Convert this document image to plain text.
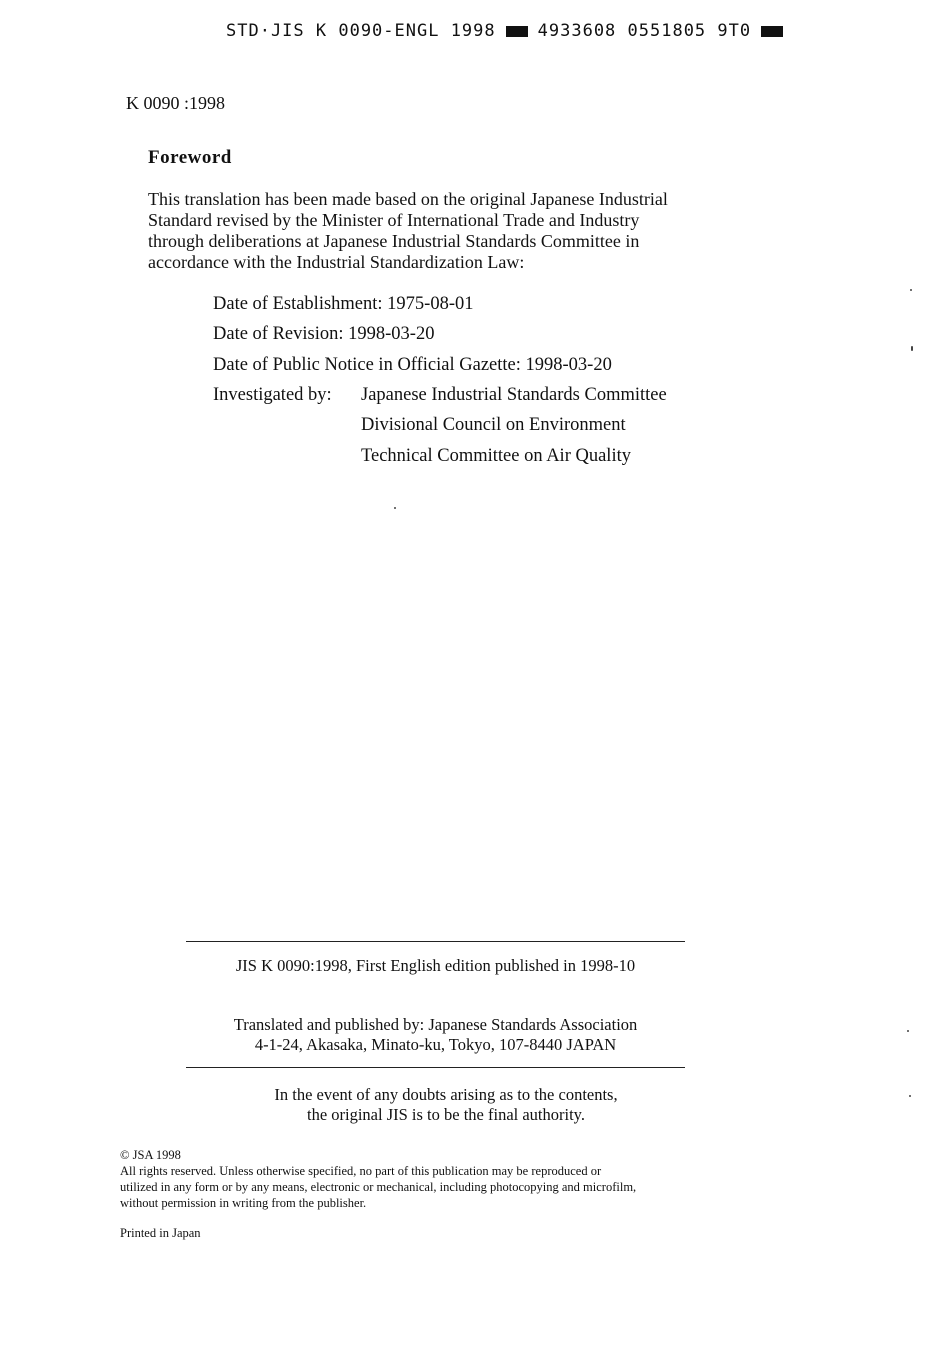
STD·JIS K 0090-ENGL 1998 4933608 0551805 9T0
K 0090 :1998
Foreword
This translation has been made based on the original Japanese Industrial
Standard revised by the Minister of International Trade and Industry
through deliberations at Japanese Industrial Standards Committee in
accordance with the Industrial Standardization Law:
Date of Establishment: 1975-08-01
Date of Revision: 1998-03-20
Date of Public Notice in Official Gazette: 1998-03-20
Investigated by: Japanese Industrial Standards Committee
Divisional Council on Environment
Technical Committee on Air Quality
JIS K 0090:1998, First English edition published in 1998-10
Translated and published by: Japanese Standards Association
4-1-24, Akasaka, Minato-ku, Tokyo, 107-8440 JAPAN
In the event of any doubts arising as to the contents,
the original JIS is to be the final authority.
© JSA 1998
All rights reserved. Unless otherwise specified, no part of this publication may be reproduced or
utilized in any form or by any means, electronic or mechanical, including photocopying and microfilm,
without permission in writing from the publisher.
Printed in Japan
